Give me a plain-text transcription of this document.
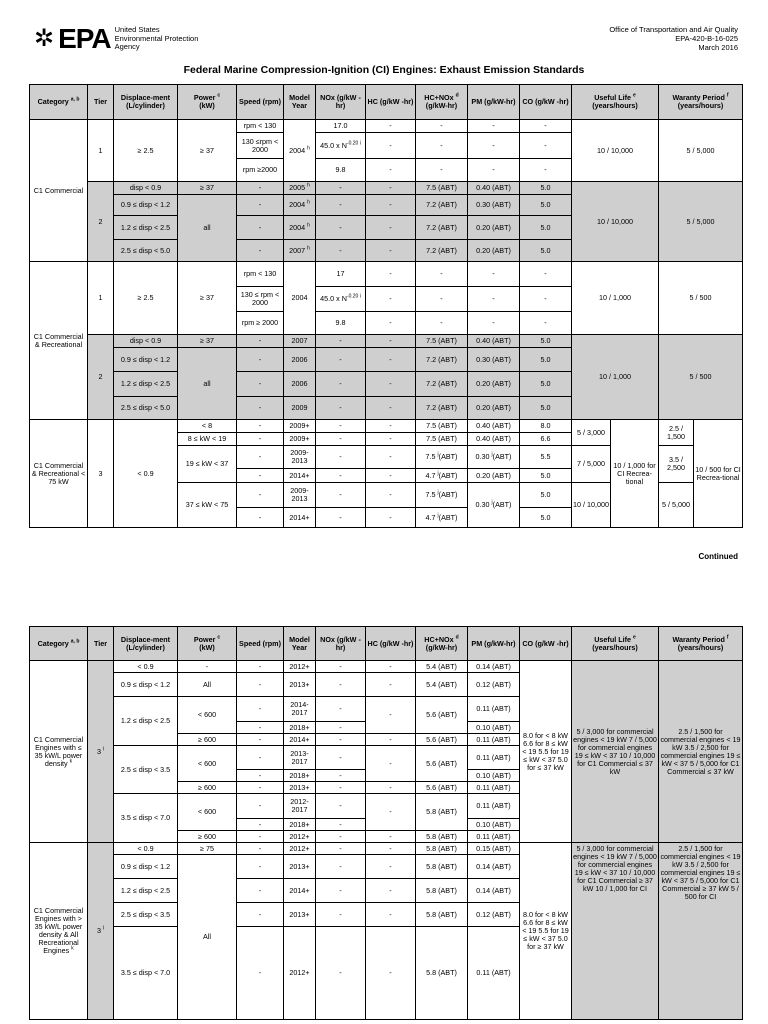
✲ EPA United States
Environmental Protection
Agency
Office of Transportation and Air Quality
EPA-420-B-16-025
March 2016
Federal Marine Compression-Ignition (CI) Engines: Exhaust Emission Standards
Category $^{a, b}$	Tier	Displace-ment (L/cylinder)	Power $^c$
(kW)	Speed (rpm)	Model Year	NOx (g/kW -hr)	HC (g/kW -hr)	HC+NOx $^d$
(g/kW-hr)	PM (g/kW-hr)	CO (g/kW -hr)	Useful Life $^e$
(years/hours)		Waranty Period $^f$
(years/hours)	
C1 Commercial	1	≥ 2.5	≥ 37	rpm < 130	2004 $^h$	17.0	-	-	-	-	10 / 10,000		5 / 5,000	
				130 ≤rpm < 2000		45.0 x $N^{-0.20 i}$	-	-	-	-				
				rpm ≥2000		9.8	-	-	-	-				
	2	disp < 0.9	≥ 37	-	2005 $^h$	-	-	7.5 (ABT)	0.40 (ABT)	5.0	10 / 10,000		5 / 5,000	
		0.9 ≤ disp < 1.2	all	-	2004 $^h$	-	-	7.2 (ABT)	0.30 (ABT)	5.0				
		1.2 ≤ disp < 2.5		-	2004 $^h$	-	-	7.2 (ABT)	0.20 (ABT)	5.0				
		2.5 ≤ disp < 5.0		-	2007 $^h$	-	-	7.2 (ABT)	0.20 (ABT)	5.0				
C1 Commercial & Recreational	1	≥ 2.5	≥ 37	rpm < 130	2004	17	-	-	-	-	10 / 1,000		5 / 500	
				130 ≤ rpm < 2000		45.0 x $N^{-0.20 i}$	-	-	-	-				
				rpm ≥ 2000		9.8	-	-	-	-				
	2	disp < 0.9	≥ 37	-	2007	-	-	7.5 (ABT)	0.40 (ABT)	5.0	10 / 1,000		5 / 500	
		0.9 ≤ disp < 1.2	all	-	2006	-	-	7.2 (ABT)	0.30 (ABT)	5.0				
		1.2 ≤ disp < 2.5		-	2006	-	-	7.2 (ABT)	0.20 (ABT)	5.0				
		2.5 ≤ disp < 5.0		-	2009	-	-	7.2 (ABT)	0.20 (ABT)	5.0				
C1 Commercial & Recreational < 75 kW	3	< 0.9	< 8	-	2009+	-	-	7.5 (ABT)	0.40 (ABT)	8.0	5 / 3,000	10 / 1,000 for CI Recrea-tional	2.5 / 1,500	10 / 500 for CI Recrea-tional
			8 ≤ kW < 19	-	2009+	-	-	7.5 (ABT)	0.40 (ABT)	6.6				
			19 ≤ kW < 37	-	2009-2013	-	-	7.5 $^j$(ABT)	0.30 $^j$(ABT)	5.5	7 / 5,000		3.5 / 2,500	
				-	2014+	-	-	4.7 $^j$(ABT)	0.20 (ABT)	5.0				
			37 ≤ kW < 75	-	2009-2013	-	-	7.5 $^j$(ABT)	0.30 $^j$(ABT)	5.0	10 / 10,000		5 / 5,000	
				-	2014+	-	-	4.7 $^j$(ABT)		5.0				
Continued
Category $^{a, b}$	Tier	Displace-ment (L/cylinder)	Power $^c$
(kW)	Speed (rpm)	Model Year	NOx (g/kW -hr)	HC (g/kW -hr)	HC+NOx $^d$
(g/kW-hr)	PM (g/kW-hr)	CO (g/kW -hr)	Useful Life $^e$
(years/hours)	Waranty Period $^f$
(years/hours)
C1 Commercial Engines with ≤ 35 kW/L power density $^k$	3 $^l$	< 0.9	-	-	2012+	-	-	5.4 (ABT)	0.14 (ABT)	8.0 for < 8 kW 6.6 for 8 ≤ kW < 19 5.5 for 19 ≤ kW < 37 5.0 for ≤ 37 kW	5 / 3,000 for commercial engines < 19 kW 7 / 5,000 for commercial engines 19 ≤ kW < 37 10 / 10,000 for C1 Commercial ≤ 37 kW	2.5 / 1,500 for commercial engines < 19 kW 3.5 / 2,500 for commercial engines 19 ≤ kW < 37 5 / 5,000 for C1 Commercial ≤ 37 kW
		0.9 ≤ disp < 1.2	All	-	2013+	-	-	5.4 (ABT)	0.12 (ABT)			
		1.2 ≤ disp < 2.5	< 600	-	2014-2017	-	-	5.6 (ABT)	0.11 (ABT)			
				-	2018+	-			0.10 (ABT)			
			≥ 600	-	2014+	-	-	5.6 (ABT)	0.11 (ABT)			
		2.5 ≤ disp < 3.5	< 600	-	2013-2017	-	-	5.6 (ABT)	0.11 (ABT)			
				-	2018+	-			0.10 (ABT)			
			≥ 600	-	2013+	-	-	5.6 (ABT)	0.11 (ABT)			
		3.5 ≤ disp < 7.0	< 600	-	2012-2017	-	-	5.8 (ABT)	0.11 (ABT)			
				-	2018+	-			0.10 (ABT)			
			≥ 600	-	2012+	-	-	5.8 (ABT)	0.11 (ABT)			
C1 Commercial Engines with > 35 kW/L power density & All Recreational Engines $^k$	3 $^l$	< 0.9	≥ 75	-	2012+	-	-	5.8 (ABT)	0.15 (ABT)	8.0 for < 8 kW 6.6 for 8 ≤ kW < 19 5.5 for 19 ≤ kW < 37 5.0 for ≥ 37 kW	5 / 3,000 for commercial engines < 19 kW 7 / 5,000 for commercial engines 19 ≤ kW < 37 10 / 10,000 for C1 Commercial ≥ 37 kW 10 / 1,000 for CI	2.5 / 1,500 for commercial engines < 19 kW 3.5 / 2,500 for commercial engines 19 ≤ kW < 37 5 / 5,000 for C1 Commercial ≥ 37 kW 5 / 500 for CI
		0.9 ≤ disp < 1.2	All	-	2013+	-	-	5.8 (ABT)	0.14 (ABT)			
		1.2 ≤ disp < 2.5		-	2014+	-	-	5.8 (ABT)	0.14 (ABT)			
		2.5 ≤ disp < 3.5		-	2013+	-	-	5.8 (ABT)	0.12 (ABT)			
		3.5 ≤ disp < 7.0		-	2012+	-	-	5.8 (ABT)	0.11 (ABT)			
